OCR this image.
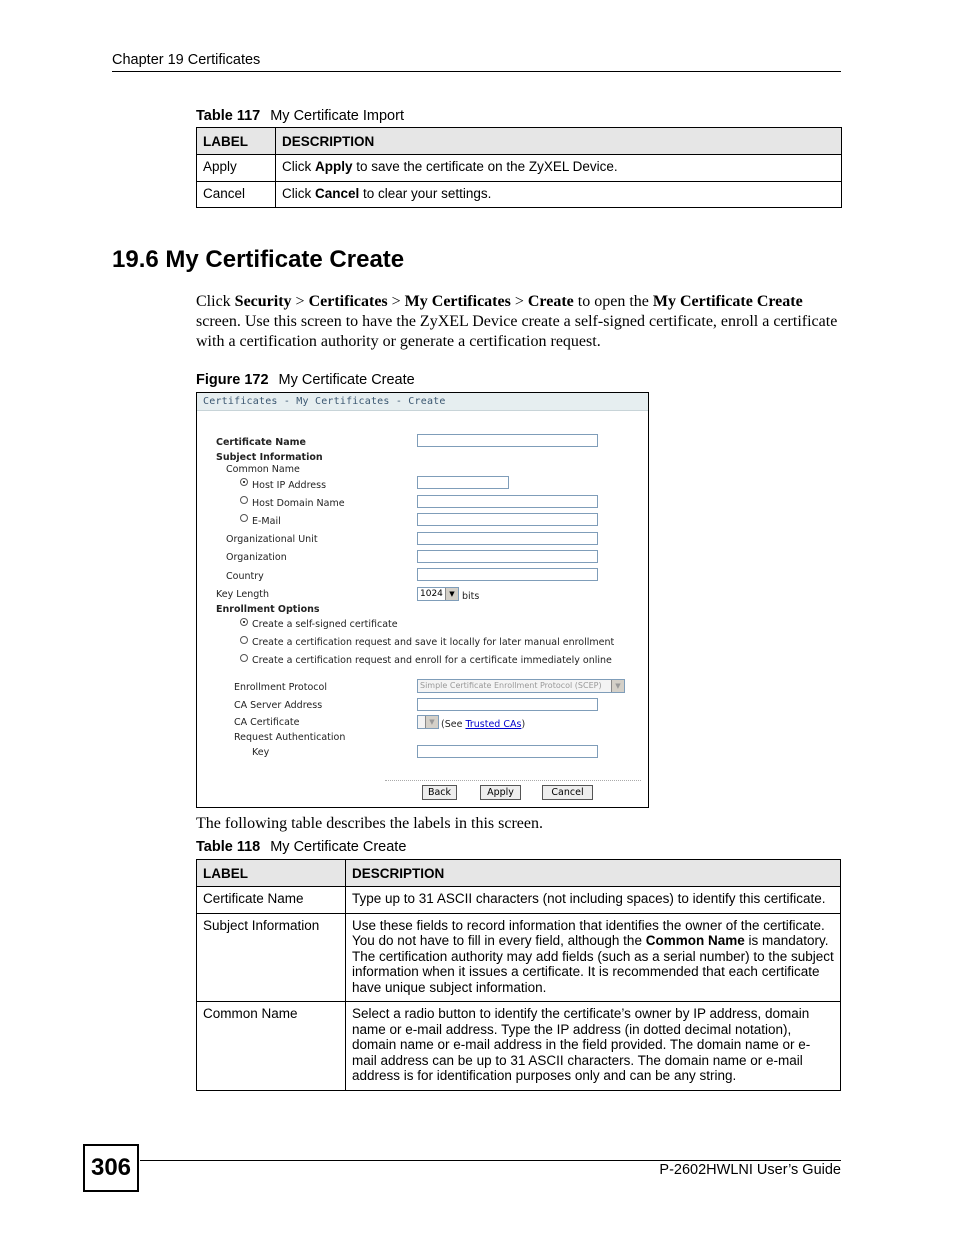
Chapter 19 Certificates
Table 117 My Certificate Import
LABEL	DESCRIPTION
Apply	Click Apply to save the certificate on the ZyXEL Device.
Cancel	Click Cancel to clear your settings.
19.6 My Certificate Create
Click Security > Certificates > My Certificates > Create to open the My Certificate Create screen. Use this screen to have the ZyXEL Device create a self-signed certificate, enroll a certificate with a certification authority or generate a certification request.
Figure 172 My Certificate Create
Certificates - My Certificates - Create
Certificate Name
Subject Information
Common Name
Host IP Address
Host Domain Name
E-Mail
Organizational Unit
Organization
Country
Key Length	1024 ▼ bits
Enrollment Options
Create a self-signed certificate
Create a certification request and save it locally for later manual enrollment
Create a certification request and enroll for a certificate immediately online
Enrollment Protocol	Simple Certificate Enrollment Protocol (SCEP)	▼
CA Server Address
CA Certificate	▼ (See Trusted CAs)
Request Authentication
Key
Back	Apply	Cancel
The following table describes the labels in this screen.
Table 118 My Certificate Create
LABEL	DESCRIPTION
Certificate Name	Type up to 31 ASCII characters (not including spaces) to identify this certificate.
Subject Information	Use these fields to record information that identifies the owner of the certificate. You do not have to fill in every field, although the Common Name is mandatory. The certification authority may add fields (such as a serial number) to the subject information when it issues a certificate. It is recommended that each certificate have unique subject information.
Common Name	Select a radio button to identify the certificate’s owner by IP address, domain name or e-mail address. Type the IP address (in dotted decimal notation), domain name or e-mail address in the field provided. The domain name or e-mail address can be up to 31 ASCII characters. The domain name or e-mail address is for identification purposes only and can be any string.
306	P-2602HWLNI User’s Guide
